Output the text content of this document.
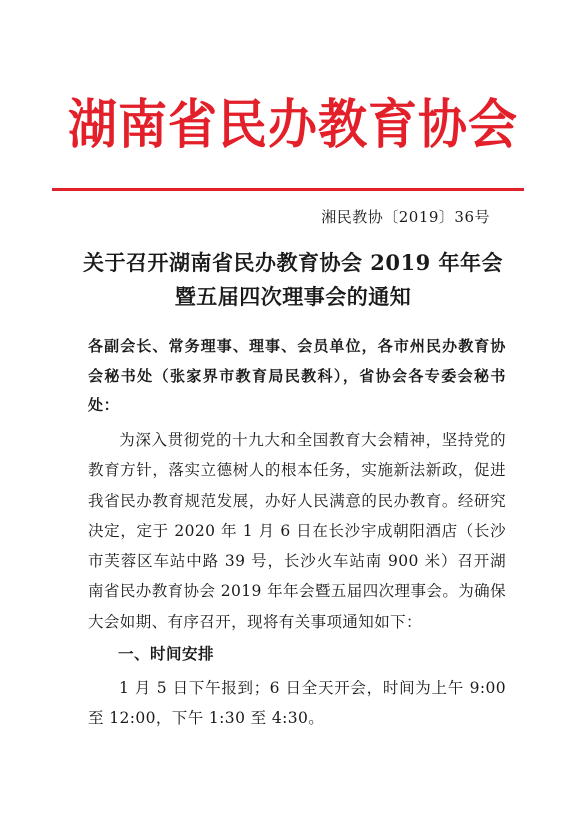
湖南省民办教育协会
湘民教协〔2019〕36号
关于召开湖南省民办教育协会 2019 年年会
暨五届四次理事会的通知
各副会长、常务理事、理事、会员单位，各市州民办教育协会秘书处（张家界市教育局民教科），省协会各专委会秘书处：
为深入贯彻党的十九大和全国教育大会精神，坚持党的教育方针，落实立德树人的根本任务，实施新法新政，促进我省民办教育规范发展，办好人民满意的民办教育。经研究决定，定于 2020 年 1 月 6 日在长沙宇成朝阳酒店（长沙市芙蓉区车站中路 39 号，长沙火车站南 900 米）召开湖南省民办教育协会 2019 年年会暨五届四次理事会。为确保大会如期、有序召开，现将有关事项通知如下：
一、时间安排
1 月 5 日下午报到；6 日全天开会，时间为上午 9:00 至 12:00，下午 1:30 至 4:30。
